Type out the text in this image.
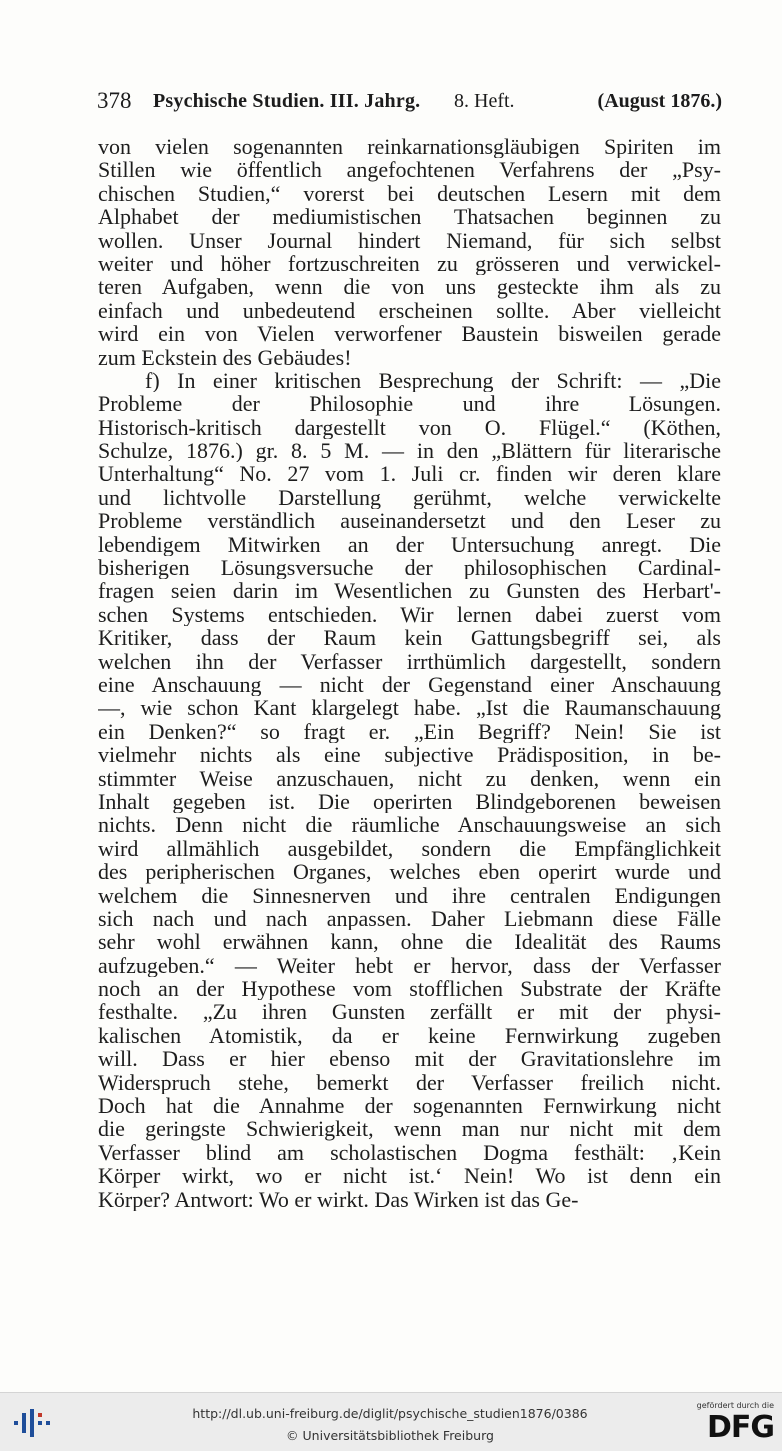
378 Psychische Studien. III. Jahrg. 8. Heft.	(August 1876.)
von vielen sogenannten reinkarnationsgläubigen Spiriten im
Stillen wie öffentlich angefochtenen Verfahrens der „Psy-
chischen Studien,“ vorerst bei deutschen Lesern mit dem
Alphabet der mediumistischen Thatsachen beginnen zu
wollen. Unser Journal hindert Niemand, für sich selbst
weiter und höher fortzuschreiten zu grösseren und verwickel-
teren Aufgaben, wenn die von uns gesteckte ihm als zu
einfach und unbedeutend erscheinen sollte. Aber vielleicht
wird ein von Vielen verworfener Baustein bisweilen gerade
zum Eckstein des Gebäudes!
f) In einer kritischen Besprechung der Schrift: — „Die
Probleme der Philosophie und ihre Lösungen.
Historisch-kritisch dargestellt von O. Flügel.“ (Köthen,
Schulze, 1876.) gr. 8. 5 M. — in den „Blättern für literarische
Unterhaltung“ No. 27 vom 1. Juli cr. finden wir deren klare
und lichtvolle Darstellung gerühmt, welche verwickelte
Probleme verständlich auseinandersetzt und den Leser zu
lebendigem Mitwirken an der Untersuchung anregt. Die
bisherigen Lösungsversuche der philosophischen Cardinal-
fragen seien darin im Wesentlichen zu Gunsten des Herbart'-
schen Systems entschieden. Wir lernen dabei zuerst vom
Kritiker, dass der Raum kein Gattungsbegriff sei, als
welchen ihn der Verfasser irrthümlich dargestellt, sondern
eine Anschauung — nicht der Gegenstand einer Anschauung
—, wie schon Kant klargelegt habe. „Ist die Raumanschauung
ein Denken?“ so fragt er. „Ein Begriff? Nein! Sie ist
vielmehr nichts als eine subjective Prädisposition, in be-
stimmter Weise anzuschauen, nicht zu denken, wenn ein
Inhalt gegeben ist. Die operirten Blindgeborenen beweisen
nichts. Denn nicht die räumliche Anschauungsweise an sich
wird allmählich ausgebildet, sondern die Empfänglichkeit
des peripherischen Organes, welches eben operirt wurde und
welchem die Sinnesnerven und ihre centralen Endigungen
sich nach und nach anpassen. Daher Liebmann diese Fälle
sehr wohl erwähnen kann, ohne die Idealität des Raums
aufzugeben.“ — Weiter hebt er hervor, dass der Verfasser
noch an der Hypothese vom stofflichen Substrate der Kräfte
festhalte. „Zu ihren Gunsten zerfällt er mit der physi-
kalischen Atomistik, da er keine Fernwirkung zugeben
will. Dass er hier ebenso mit der Gravitationslehre im
Widerspruch stehe, bemerkt der Verfasser freilich nicht.
Doch hat die Annahme der sogenannten Fernwirkung nicht
die geringste Schwierigkeit, wenn man nur nicht mit dem
Verfasser blind am scholastischen Dogma festhält: ‚Kein
Körper wirkt, wo er nicht ist.‘ Nein! Wo ist denn ein
Körper? Antwort: Wo er wirkt. Das Wirken ist das Ge-
http://dl.ub.uni-freiburg.de/diglit/psychische_studien1876/0386
© Universitätsbibliothek Freiburg
gefördert durch die
DFG
